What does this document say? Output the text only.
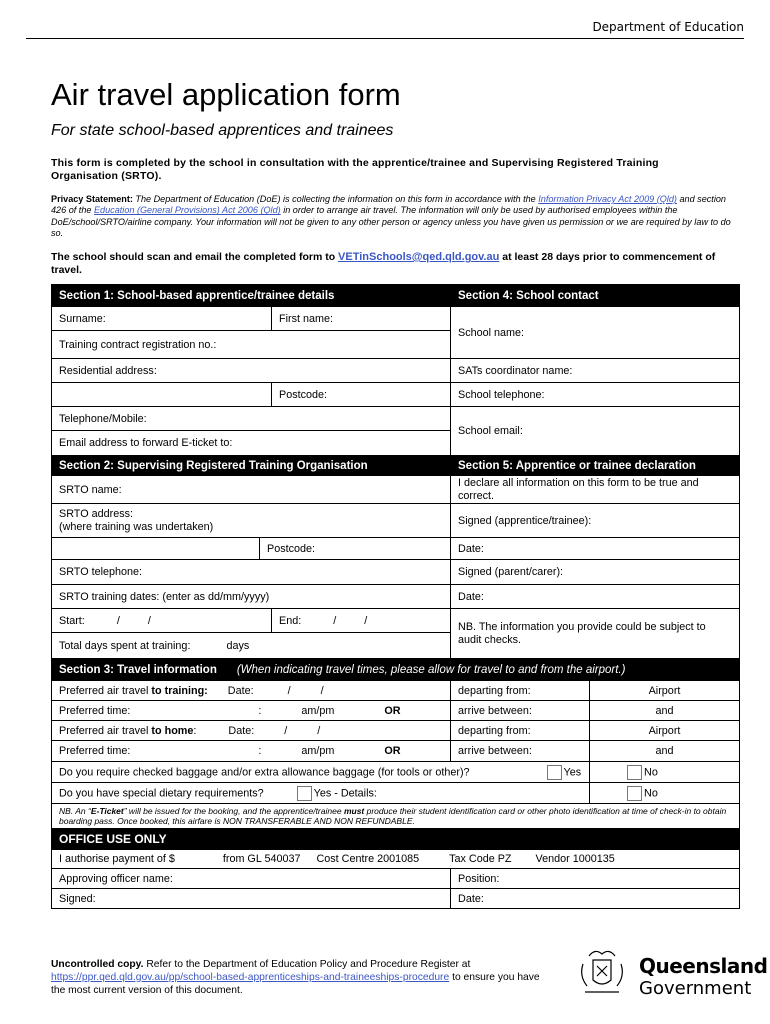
Department of Education
Air travel application form
For state school-based apprentices and trainees
This form is completed by the school in consultation with the apprentice/trainee and Supervising Registered Training Organisation (SRTO).
Privacy Statement: The Department of Education (DoE) is collecting the information on this form in accordance with the Information Privacy Act 2009 (Qld) and section 426 of the Education (General Provisions) Act 2006 (Qld) in order to arrange air travel. The information will only be used by authorised employees within the DoE/school/SRTO/airline company. Your information will not be given to any other person or agency unless you have given us permission or we are required by law to do so.
The school should scan and email the completed form to VETinSchools@qed.qld.gov.au at least 28 days prior to commencement of travel.
Section 1: School-based apprentice/trainee details			Section 4: School contact	
Surname:		First name:	School name:	
Training contract registration no.:				
Residential address:			SATs coordinator name:	
		Postcode:	School telephone:	
Telephone/Mobile:			School email:	
Email address to forward E-ticket to:				
Section 2: Supervising Registered Training Organisation			Section 5: Apprentice or trainee declaration	
SRTO name:			I declare all information on this form to be true and correct.	
SRTO address:
(where training was undertaken)			Signed (apprentice/trainee):	
	Postcode:		Date:	
SRTO telephone:			Signed (parent/carer):	
SRTO training dates: (enter as dd/mm/yyyy)			Date:	
Start: / /		End: / /	NB. The information you provide could be subject to audit checks.	
Total days spent at training: days				
Section 3: Travel information (When indicating travel times, please allow for travel to and from the airport.)				
Preferred air travel to training: Date: / /			departing from:	Airport
Preferred time: : am/pm OR			arrive between:	and
Preferred air travel to home: Date: / /			departing from:	Airport
Preferred time: : am/pm OR			arrive between:	and
Do you require checked baggage and/or extra allowance baggage (for tools or other)? Yes				No
Do you have special dietary requirements? Yes - Details:				No
NB. An “E-Ticket” will be issued for the booking, and the apprentice/trainee must produce their student identification card or other photo identification at time of check-in to obtain boarding pass. Once booked, this airfare is NON TRANSFERABLE AND NON REFUNDABLE.				
OFFICE USE ONLY				
I authorise payment of $ from GL 540037 Cost Centre 2001085 Tax Code PZ Vendor 1000135				
Approving officer name:			Position:	
Signed:			Date:	
Uncontrolled copy. Refer to the Department of Education Policy and Procedure Register at https://ppr.qed.qld.gov.au/pp/school-based-apprenticeships-and-traineeships-procedure to ensure you have the most current version of this document.
Queensland
Government
